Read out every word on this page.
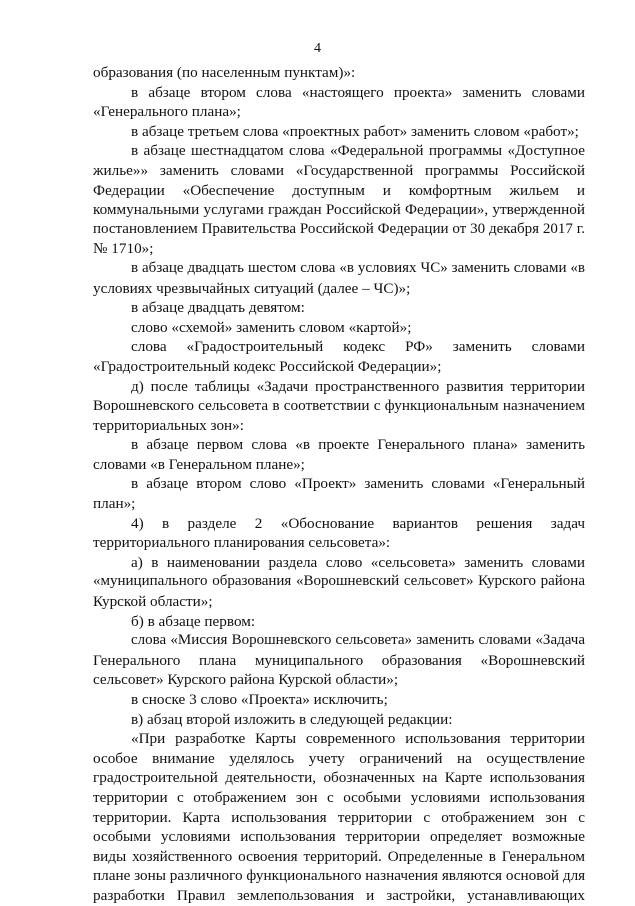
4
образования (по населенным пунктам)»:
в абзаце втором слова «настоящего проекта» заменить словами
«Генерального плана»;
в абзаце третьем слова «проектных работ» заменить словом «работ»;
в абзаце шестнадцатом слова «Федеральной программы «Доступное
жилье»» заменить словами «Государственной программы Российской
Федерации «Обеспечение доступным и комфортным жильем и
коммунальными услугами граждан Российской Федерации», утвержденной
постановлением Правительства Российской Федерации от 30 декабря 2017 г.
№ 1710»;
в абзаце двадцать шестом слова «в условиях ЧС» заменить словами «в
условиях чрезвычайных ситуаций (далее – ЧС)»;
в абзаце двадцать девятом:
слово «схемой» заменить словом «картой»;
слова «Градостроительный кодекс РФ» заменить словами
«Градостроительный кодекс Российской Федерации»;
д) после таблицы «Задачи пространственного развития территории
Ворошневского сельсовета в соответствии с функциональным назначением
территориальных зон»:
в абзаце первом слова «в проекте Генерального плана» заменить
словами «в Генеральном плане»;
в абзаце втором слово «Проект» заменить словами «Генеральный
план»;
4) в разделе 2 «Обоснование вариантов решения задач
территориального планирования сельсовета»:
а) в наименовании раздела слово «сельсовета» заменить словами
«муниципального образования «Ворошневский сельсовет» Курского района
Курской области»;
б) в абзаце первом:
слова «Миссия Ворошневского сельсовета» заменить словами «Задача
Генерального плана муниципального образования «Ворошневский
сельсовет» Курского района Курской области»;
в сноске 3 слово «Проекта» исключить;
в) абзац второй изложить в следующей редакции:
«При разработке Карты современного использования территории
особое внимание уделялось учету ограничений на осуществление
градостроительной деятельности, обозначенных на Карте использования
территории с отображением зон с особыми условиями использования
территории. Карта использования территории с отображением зон с
особыми условиями использования территории определяет возможные
виды хозяйственного освоения территорий. Определенные в Генеральном
плане зоны различного функционального назначения являются основой для
разработки Правил землепользования и застройки, устанавливающих
